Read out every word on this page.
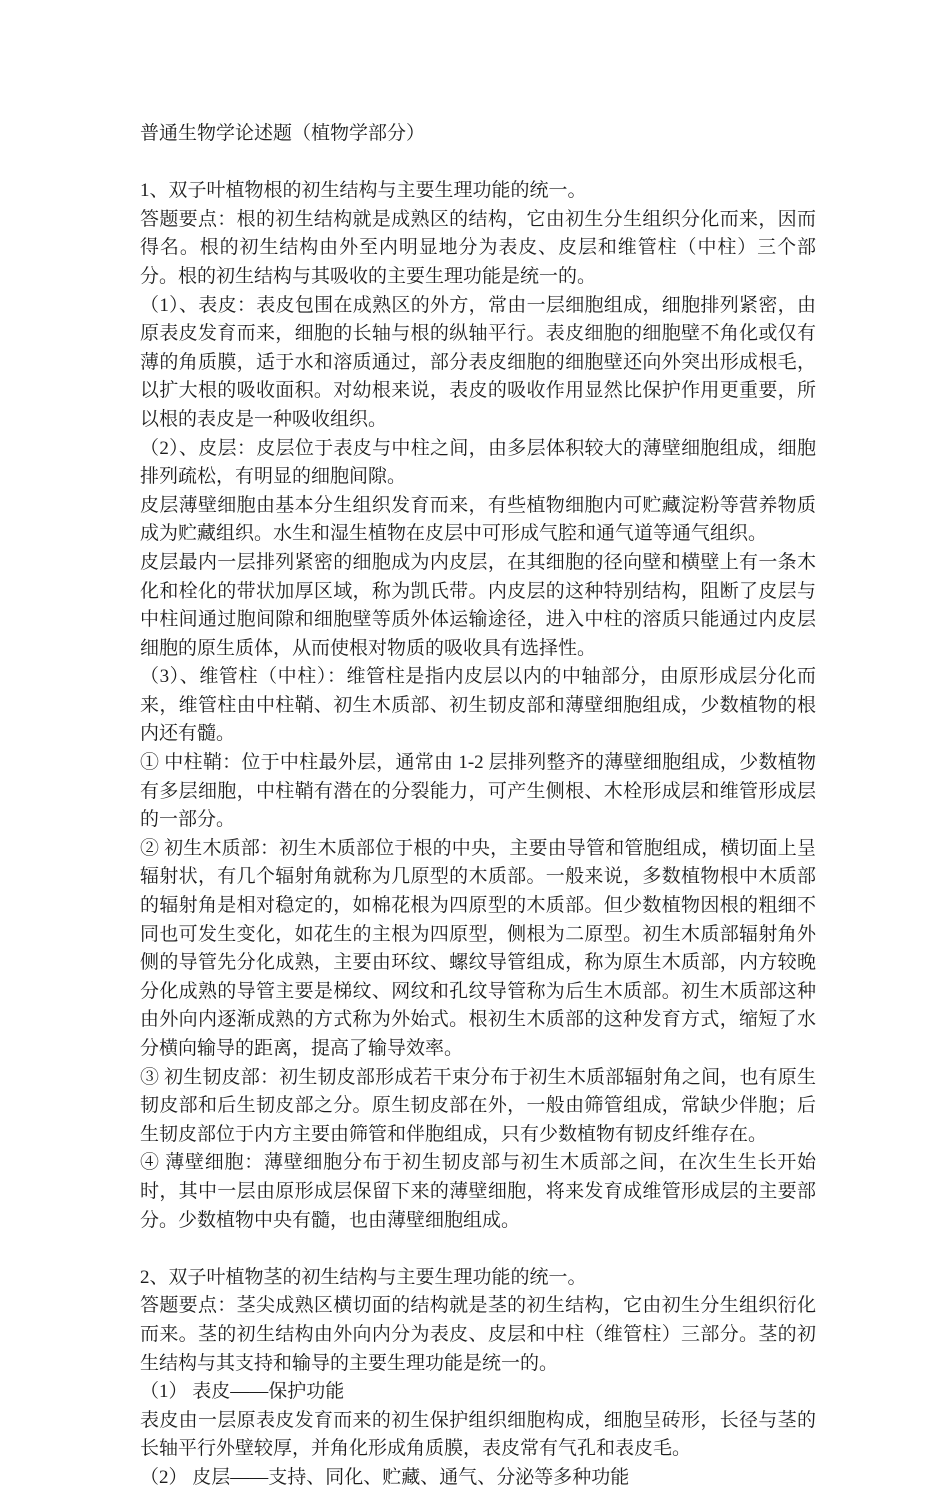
普通生物学论述题（植物学部分）

1、双子叶植物根的初生结构与主要生理功能的统一。

答题要点：根的初生结构就是成熟区的结构，它由初生分生组织分化而来，因而得名。根的初生结构由外至内明显地分为表皮、皮层和维管柱（中柱）三个部分。根的初生结构与其吸收的主要生理功能是统一的。

（1）、表皮：表皮包围在成熟区的外方，常由一层细胞组成，细胞排列紧密，由原表皮发育而来，细胞的长轴与根的纵轴平行。表皮细胞的细胞壁不角化或仅有薄的角质膜，适于水和溶质通过，部分表皮细胞的细胞壁还向外突出形成根毛，以扩大根的吸收面积。对幼根来说，表皮的吸收作用显然比保护作用更重要，所以根的表皮是一种吸收组织。

（2）、皮层：皮层位于表皮与中柱之间，由多层体积较大的薄壁细胞组成，细胞排列疏松，有明显的细胞间隙。

皮层薄壁细胞由基本分生组织发育而来，有些植物细胞内可贮藏淀粉等营养物质成为贮藏组织。水生和湿生植物在皮层中可形成气腔和通气道等通气组织。

皮层最内一层排列紧密的细胞成为内皮层，在其细胞的径向壁和横壁上有一条木化和栓化的带状加厚区域，称为凯氏带。内皮层的这种特别结构，阻断了皮层与中柱间通过胞间隙和细胞壁等质外体运输途径，进入中柱的溶质只能通过内皮层细胞的原生质体，从而使根对物质的吸收具有选择性。

（3）、维管柱（中柱）：维管柱是指内皮层以内的中轴部分，由原形成层分化而来，维管柱由中柱鞘、初生木质部、初生韧皮部和薄壁细胞组成，少数植物的根内还有髓。

① 中柱鞘：位于中柱最外层，通常由 1-2 层排列整齐的薄壁细胞组成，少数植物有多层细胞，中柱鞘有潜在的分裂能力，可产生侧根、木栓形成层和维管形成层的一部分。

② 初生木质部：初生木质部位于根的中央，主要由导管和管胞组成，横切面上呈辐射状，有几个辐射角就称为几原型的木质部。一般来说，多数植物根中木质部的辐射角是相对稳定的，如棉花根为四原型的木质部。但少数植物因根的粗细不同也可发生变化，如花生的主根为四原型，侧根为二原型。初生木质部辐射角外侧的导管先分化成熟，主要由环纹、螺纹导管组成，称为原生木质部，内方较晚分化成熟的导管主要是梯纹、网纹和孔纹导管称为后生木质部。初生木质部这种由外向内逐渐成熟的方式称为外始式。根初生木质部的这种发育方式，缩短了水分横向输导的距离，提高了输导效率。

③ 初生韧皮部：初生韧皮部形成若干束分布于初生木质部辐射角之间，也有原生韧皮部和后生韧皮部之分。原生韧皮部在外，一般由筛管组成，常缺少伴胞；后生韧皮部位于内方主要由筛管和伴胞组成，只有少数植物有韧皮纤维存在。

④ 薄壁细胞：薄壁细胞分布于初生韧皮部与初生木质部之间，在次生生长开始时，其中一层由原形成层保留下来的薄壁细胞，将来发育成维管形成层的主要部分。少数植物中央有髓，也由薄壁细胞组成。

2、双子叶植物茎的初生结构与主要生理功能的统一。

答题要点：茎尖成熟区横切面的结构就是茎的初生结构，它由初生分生组织衍化而来。茎的初生结构由外向内分为表皮、皮层和中柱（维管柱）三部分。茎的初生结构与其支持和输导的主要生理功能是统一的。

（1） 表皮——保护功能

表皮由一层原表皮发育而来的初生保护组织细胞构成，细胞呈砖形，长径与茎的长轴平行外壁较厚，并角化形成角质膜，表皮常有气孔和表皮毛。

（2） 皮层——支持、同化、贮藏、通气、分泌等多种功能
